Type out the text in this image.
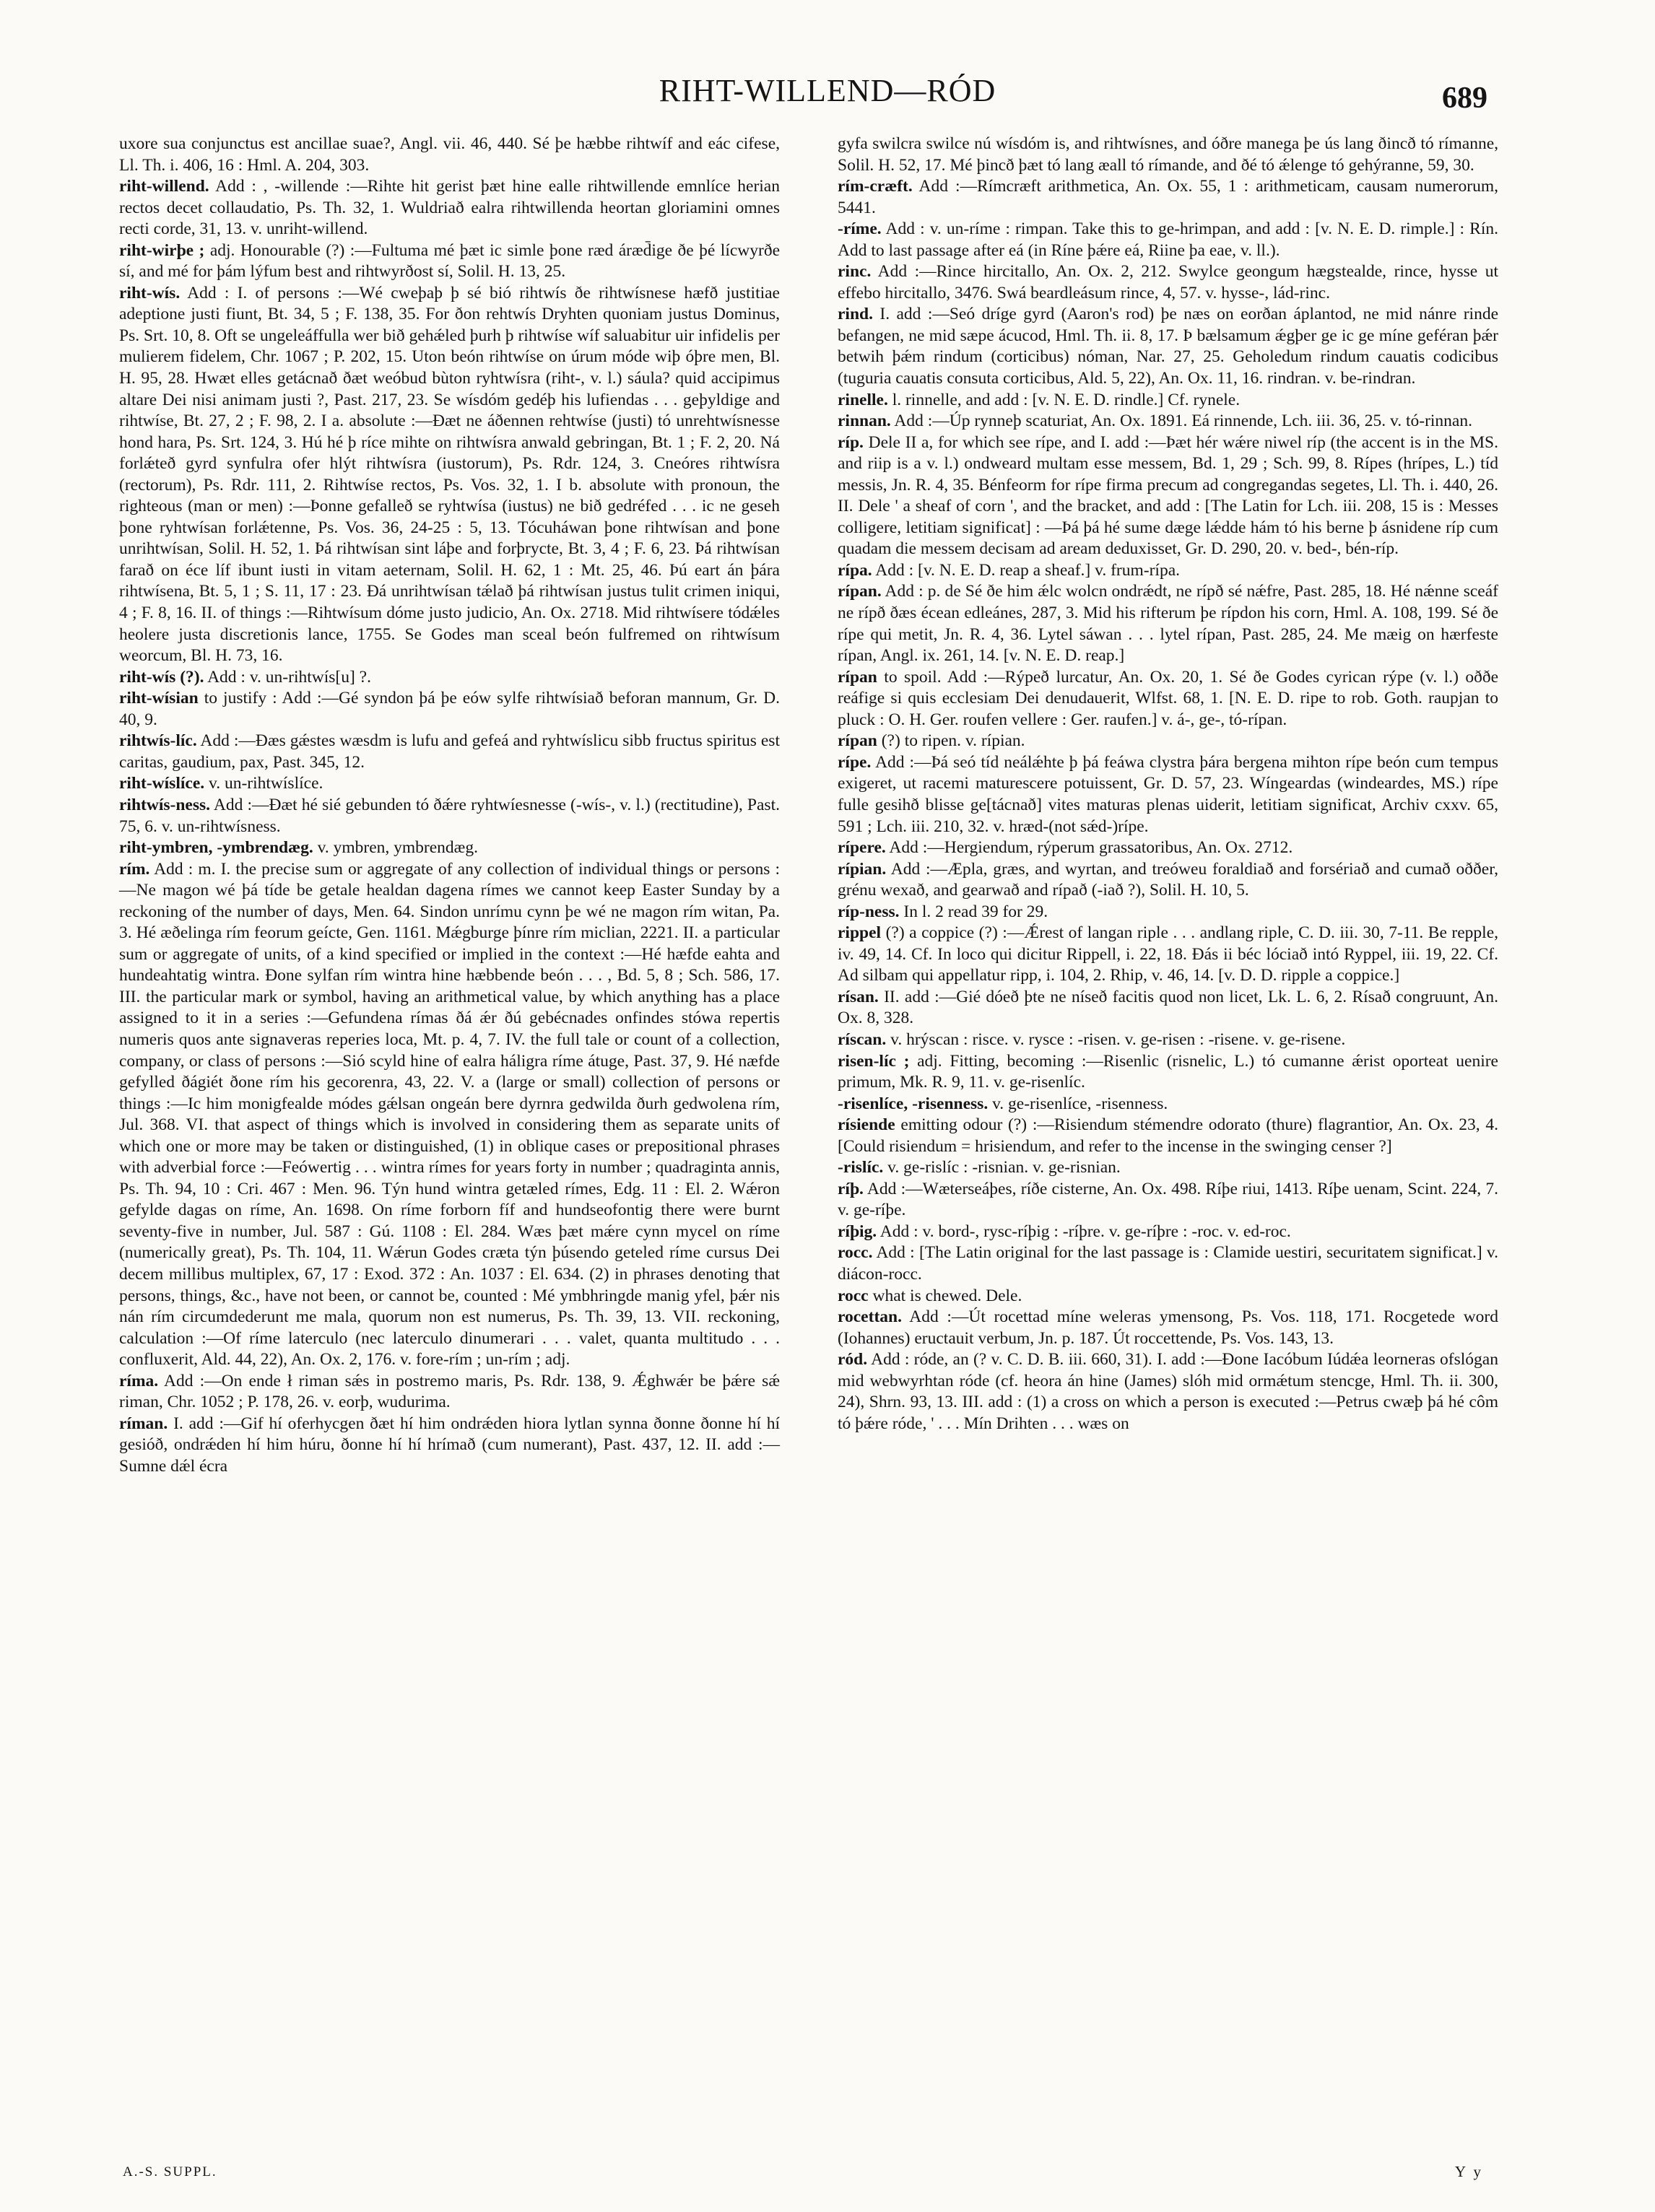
RIHT-WILLEND—RÓD	689

uxore sua conjunctus est ancillae suae?, Angl. vii. 46, 440. Sé þe hæbbe rihtwíf and eác cifese, Ll. Th. i. 406, 16 : Hml. A. 204, 303.

riht-willend. Add : , -willende :—Rihte hit gerist þæt hine ealle rihtwillende emnlíce herian rectos decet collaudatio, Ps. Th. 32, 1. Wuldriað ealra rihtwillenda heortan gloriamini omnes recti corde, 31, 13. v. unriht-willend.

riht-wirþe ; adj. Honourable (?) :—Fultuma mé þæt ic simle þone ræd áræd̄ige ðe þé lícwyrðe sí, and mé for þám lýfum best and rihtwyrðost sí, Solil. H. 13, 25.

riht-wís. Add : I. of persons :—Wé cweþaþ þ sé bió rihtwís ðe rihtwísnese hæfð justitiae adeptione justi fiunt, Bt. 34, 5 ; F. 138, 35. For ðon rehtwís Dryhten quoniam justus Dominus, Ps. Srt. 10, 8. Oft se ungeleáffulla wer bið gehǽled þurh þ rihtwíse wíf saluabitur uir infidelis per mulierem fidelem, Chr. 1067 ; P. 202, 15. Uton beón rihtwíse on úrum móde wiþ óþre men, Bl. H. 95, 28. Hwæt elles getácnað ðæt weóbud bùton ryhtwísra (riht-, v. l.) sáula? quid accipimus altare Dei nisi animam justi ?, Past. 217, 23. Se wísdóm gedéþ his lufiendas . . . geþyldige and rihtwíse, Bt. 27, 2 ; F. 98, 2. I a. absolute :—Ðæt ne áðennen rehtwíse (justi) tó unrehtwísnesse hond hara, Ps. Srt. 124, 3. Hú hé þ ríce mihte on rihtwísra anwald gebringan, Bt. 1 ; F. 2, 20. Ná forlǽteð gyrd synfulra ofer hlýt rihtwísra (iustorum), Ps. Rdr. 124, 3. Cneóres rihtwísra (rectorum), Ps. Rdr. 111, 2. Rihtwíse rectos, Ps. Vos. 32, 1. I b. absolute with pronoun, the righteous (man or men) :—Þonne gefalleð se ryhtwísa (iustus) ne bið gedréfed . . . ic ne geseh þone ryhtwísan forlǽtenne, Ps. Vos. 36, 24-25 : 5, 13. Tócuháwan þone rihtwísan and þone unrihtwísan, Solil. H. 52, 1. Þá rihtwísan sint láþe and forþrycte, Bt. 3, 4 ; F. 6, 23. Þá rihtwísan farað on éce líf ibunt iusti in vitam aeternam, Solil. H. 62, 1 : Mt. 25, 46. Þú eart án þára rihtwísena, Bt. 5, 1 ; S. 11, 17 : 23. Ðá unrihtwísan tǽlað þá rihtwísan justus tulit crimen iniqui, 4 ; F. 8, 16. II. of things :—Rihtwísum dóme justo judicio, An. Ox. 2718. Mid rihtwísere tódǽles heolere justa discretionis lance, 1755. Se Godes man sceal beón fulfremed on rihtwísum weorcum, Bl. H. 73, 16.

riht-wís (?). Add : v. un-rihtwís[u] ?.

riht-wísian to justify : Add :—Gé syndon þá þe eów sylfe rihtwísiað beforan mannum, Gr. D. 40, 9.

rihtwís-líc. Add :—Ðæs gǽstes wæsdm is lufu and gefeá and ryhtwíslicu sibb fructus spiritus est caritas, gaudium, pax, Past. 345, 12.

riht-wíslíce. v. un-rihtwíslíce.

rihtwís-ness. Add :—Ðæt hé sié gebunden tó ðǽre ryhtwíesnesse (-wís-, v. l.) (rectitudine), Past. 75, 6. v. un-rihtwísness.

riht-ymbren, -ymbrendæg. v. ymbren, ymbrendæg.

rím. Add : m. I. the precise sum or aggregate of any collection of individual things or persons :—Ne magon wé þá tíde be getale healdan dagena rímes we cannot keep Easter Sunday by a reckoning of the number of days, Men. 64. Sindon unrímu cynn þe wé ne magon rím witan, Pa. 3. Hé æðelinga rím feorum geícte, Gen. 1161. Mǽgburge þínre rím miclian, 2221. II. a particular sum or aggregate of units, of a kind specified or implied in the context :—Hé hæfde eahta and hundeahtatig wintra. Ðone sylfan rím wintra hine hæbbende beón . . . , Bd. 5, 8 ; Sch. 586, 17. III. the particular mark or symbol, having an arithmetical value, by which anything has a place assigned to it in a series :—Gefundena rímas ðá ǽr ðú gebécnades onfindes stówa repertis numeris quos ante signaveras reperies loca, Mt. p. 4, 7. IV. the full tale or count of a collection, company, or class of persons :—Sió scyld hine of ealra háligra ríme átuge, Past. 37, 9. Hé næfde gefylled ðágiét ðone rím his gecorenra, 43, 22. V. a (large or small) collection of persons or things :—Ic him monigfealde módes gǽlsan ongeán bere dyrnra gedwilda ðurh gedwolena rím, Jul. 368. VI. that aspect of things which is involved in considering them as separate units of which one or more may be taken or distinguished, (1) in oblique cases or prepositional phrases with adverbial force :—Feówertig . . . wintra rímes for years forty in number ; quadraginta annis, Ps. Th. 94, 10 : Cri. 467 : Men. 96. Týn hund wintra getæled rímes, Edg. 11 : El. 2. Wǽron gefylde dagas on ríme, An. 1698. On ríme forborn fíf and hundseofontig there were burnt seventy-five in number, Jul. 587 : Gú. 1108 : El. 284. Wæs þæt mǽre cynn mycel on ríme (numerically great), Ps. Th. 104, 11. Wǽrun Godes cræta týn þúsendo geteled ríme cursus Dei decem millibus multiplex, 67, 17 : Exod. 372 : An. 1037 : El. 634. (2) in phrases denoting that persons, things, &c., have not been, or cannot be, counted : Mé ymbhringde manig yfel, þǽr nis nán rím circumdederunt me mala, quorum non est numerus, Ps. Th. 39, 13. VII. reckoning, calculation :—Of ríme laterculo (nec laterculo dinumerari . . . valet, quanta multitudo . . . confluxerit, Ald. 44, 22), An. Ox. 2, 176. v. fore-rím ; un-rím ; adj.

ríma. Add :—On ende ł riman sǽs in postremo maris, Ps. Rdr. 138, 9. Ǽghwǽr be þǽre sǽ riman, Chr. 1052 ; P. 178, 26. v. eorþ, wudurima.

ríman. I. add :—Gif hí oferhycgen ðæt hí him ondrǽden hiora lytlan synna ðonne ðonne hí hí gesióð, ondrǽden hí him húru, ðonne hí hí hrímað (cum numerant), Past. 437, 12. II. add :—Sumne dǽl écra

gyfa swilcra swilce nú wísdóm is, and rihtwísnes, and óðre manega þe ús lang ðincð tó rímanne, Solil. H. 52, 17. Mé þincð þæt tó lang æall tó rímande, and ðé tó ǽlenge tó gehýranne, 59, 30.

rím-cræft. Add :—Rímcræft arithmetica, An. Ox. 55, 1 : arithmeticam, causam numerorum, 5441.

-ríme. Add : v. un-ríme : rimpan. Take this to ge-hrimpan, and add : [v. N. E. D. rimple.] : Rín. Add to last passage after eá (in Ríne þǽre eá, Riine þa eae, v. ll.).

rinc. Add :—Rince hircitallo, An. Ox. 2, 212. Swylce geongum hægstealde, rince, hysse ut effebo hircitallo, 3476. Swá beardleásum rince, 4, 57. v. hysse-, lád-rinc.

rind. I. add :—Seó dríge gyrd (Aaron's rod) þe næs on eorðan áplantod, ne mid nánre rinde befangen, ne mid sæpe ácucod, Hml. Th. ii. 8, 17. Þ bælsamum ǽgþer ge ic ge míne geféran þǽr betwih þǽm rindum (corticibus) nóman, Nar. 27, 25. Geholedum rindum cauatis codicibus (tuguria cauatis consuta corticibus, Ald. 5, 22), An. Ox. 11, 16. rindran. v. be-rindran.

rinelle. l. rinnelle, and add : [v. N. E. D. rindle.] Cf. rynele.

rinnan. Add :—Úp rynneþ scaturiat, An. Ox. 1891. Eá rinnende, Lch. iii. 36, 25. v. tó-rinnan.

ríp. Dele II a, for which see rípe, and I. add :—Þæt hér wǽre niwel ríp (the accent is in the MS. and riip is a v. l.) ondweard multam esse messem, Bd. 1, 29 ; Sch. 99, 8. Rípes (hrípes, L.) tíd messis, Jn. R. 4, 35. Bénfeorm for rípe firma precum ad congregandas segetes, Ll. Th. i. 440, 26. II. Dele ' a sheaf of corn ', and the bracket, and add : [The Latin for Lch. iii. 208, 15 is : Messes colligere, letitiam significat] : —Þá þá hé sume dæge lǽdde hám tó his berne þ ásnidene ríp cum quadam die messem decisam ad aream deduxisset, Gr. D. 290, 20. v. bed-, bén-ríp.

rípa. Add : [v. N. E. D. reap a sheaf.] v. frum-rípa.

rípan. Add : p. de Sé ðe him ǽlc wolcn ondrǽdt, ne rípð sé nǽfre, Past. 285, 18. Hé nǽnne sceáf ne rípð ðæs écean edleánes, 287, 3. Mid his rifterum þe rípdon his corn, Hml. A. 108, 199. Sé ðe rípe qui metit, Jn. R. 4, 36. Lytel sáwan . . . lytel rípan, Past. 285, 24. Me mæig on hærfeste rípan, Angl. ix. 261, 14. [v. N. E. D. reap.]

rípan to spoil. Add :—Rýpeð lurcatur, An. Ox. 20, 1. Sé ðe Godes cyrican rýpe (v. l.) oððe reáfige si quis ecclesiam Dei denudauerit, Wlfst. 68, 1. [N. E. D. ripe to rob. Goth. raupjan to pluck : O. H. Ger. roufen vellere : Ger. raufen.] v. á-, ge-, tó-rípan.

rípan (?) to ripen. v. rípian.

rípe. Add :—Þá seó tíd neálǽhte þ þá feáwa clystra þára bergena mihton rípe beón cum tempus exigeret, ut racemi maturescere potuissent, Gr. D. 57, 23. Wíngeardas (windeardes, MS.) rípe fulle gesihð blisse ge[tácnað] vites maturas plenas uiderit, letitiam significat, Archiv cxxv. 65, 591 ; Lch. iii. 210, 32. v. hræd-(not sǽd-)rípe.

rípere. Add :—Hergiendum, rýperum grassatoribus, An. Ox. 2712.

rípian. Add :—Æpla, græs, and wyrtan, and treóweu foraldiað and forsériað and cumað oððer, grénu wexað, and gearwað and rípað (-iað ?), Solil. H. 10, 5.

ríp-ness. In l. 2 read 39 for 29.

rippel (?) a coppice (?) :—Ǽrest of langan riple . . . andlang riple, C. D. iii. 30, 7-11. Be repple, iv. 49, 14. Cf. In loco qui dicitur Rippell, i. 22, 18. Ðás ii béc lóciað intó Ryppel, iii. 19, 22. Cf. Ad silbam qui appellatur ripp, i. 104, 2. Rhip, v. 46, 14. [v. D. D. ripple a coppice.]

rísan. II. add :—Gié dóeð þte ne níseð facitis quod non licet, Lk. L. 6, 2. Rísað congruunt, An. Ox. 8, 328.

ríscan. v. hrýscan : risce. v. rysce : -risen. v. ge-risen : -risene. v. ge-risene.

risen-líc ; adj. Fitting, becoming :—Risenlic (risnelic, L.) tó cumanne ǽrist oporteat uenire primum, Mk. R. 9, 11. v. ge-risenlíc.

-risenlíce, -risenness. v. ge-risenlíce, -risenness.

rísiende emitting odour (?) :—Risiendum stémendre odorato (thure) flagrantior, An. Ox. 23, 4. [Could risiendum = hrisiendum, and refer to the incense in the swinging censer ?]

-rislíc. v. ge-rislíc : -risnian. v. ge-risnian.

ríþ. Add :—Wæterseáþes, ríðe cisterne, An. Ox. 498. Ríþe riui, 1413. Ríþe uenam, Scint. 224, 7. v. ge-ríþe.

ríþig. Add : v. bord-, rysc-ríþig : -ríþre. v. ge-ríþre : -roc. v. ed-roc.

rocc. Add : [The Latin original for the last passage is : Clamide uestiri, securitatem significat.] v. diácon-rocc.

rocc what is chewed. Dele.

rocettan. Add :—Út rocettad míne weleras ymensong, Ps. Vos. 118, 171. Rocgetede word (Iohannes) eructauit verbum, Jn. p. 187. Út roccettende, Ps. Vos. 143, 13.

ród. Add : róde, an (? v. C. D. B. iii. 660, 31). I. add :—Ðone Iacóbum Iúdǽa leorneras ofslógan mid webwyrhtan róde (cf. heora án hine (James) slóh mid ormǽtum stencge, Hml. Th. ii. 300, 24), Shrn. 93, 13. III. add : (1) a cross on which a person is executed :—Petrus cwæþ þá hé côm tó þǽre róde, ' . . . Mín Drihten . . . wæs on

A.-S. SUPPL.	Y y
